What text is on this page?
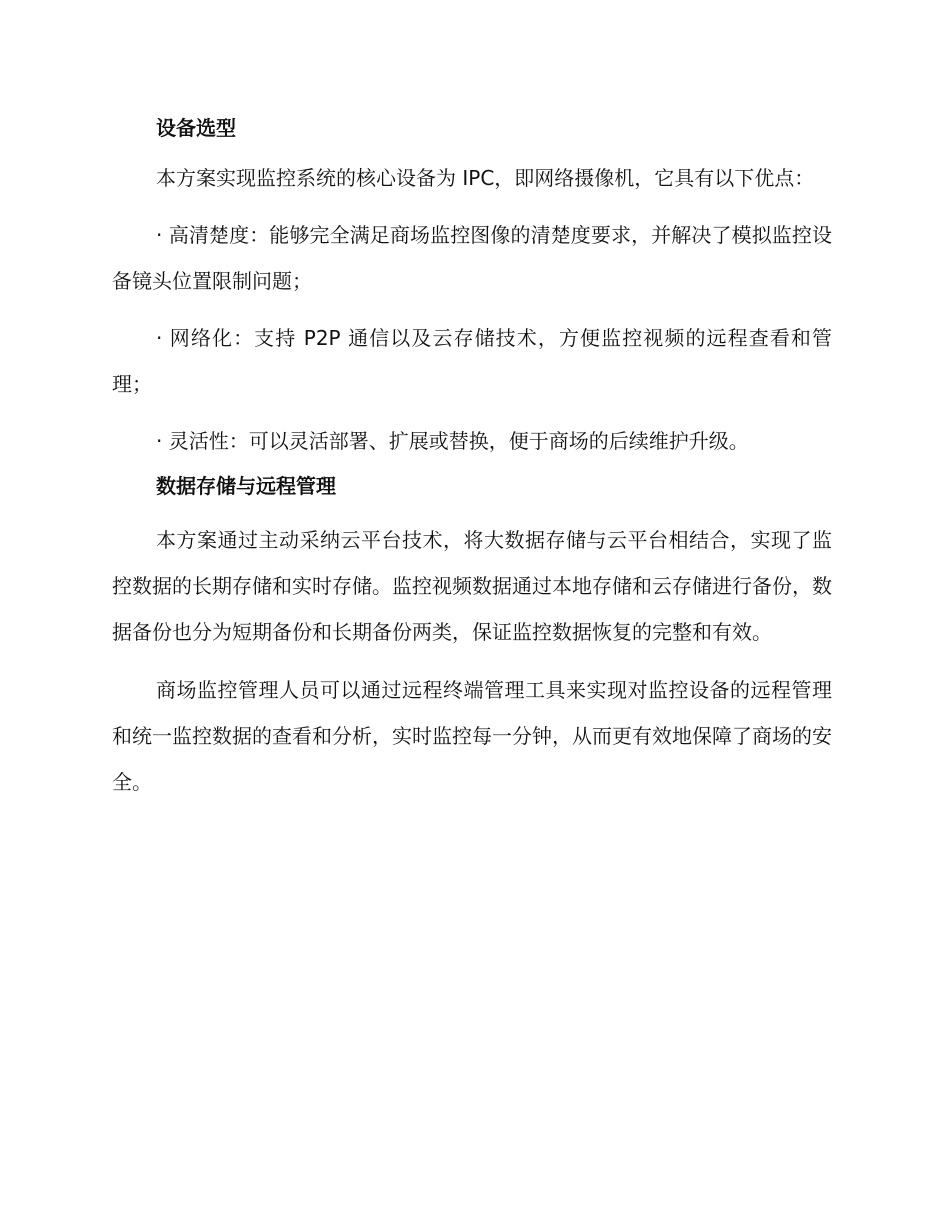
设备选型

本方案实现监控系统的核心设备为 IPC，即网络摄像机，它具有以下优点：

· 高清楚度：能够完全满足商场监控图像的清楚度要求，并解决了模拟监控设备镜头位置限制问题；

· 网络化：支持 P2P 通信以及云存储技术，方便监控视频的远程查看和管理；

· 灵活性：可以灵活部署、扩展或替换，便于商场的后续维护升级。

数据存储与远程管理

本方案通过主动采纳云平台技术，将大数据存储与云平台相结合，实现了监控数据的长期存储和实时存储。监控视频数据通过本地存储和云存储进行备份，数据备份也分为短期备份和长期备份两类，保证监控数据恢复的完整和有效。

商场监控管理人员可以通过远程终端管理工具来实现对监控设备的远程管理和统一监控数据的查看和分析，实时监控每一分钟，从而更有效地保障了商场的安全。
